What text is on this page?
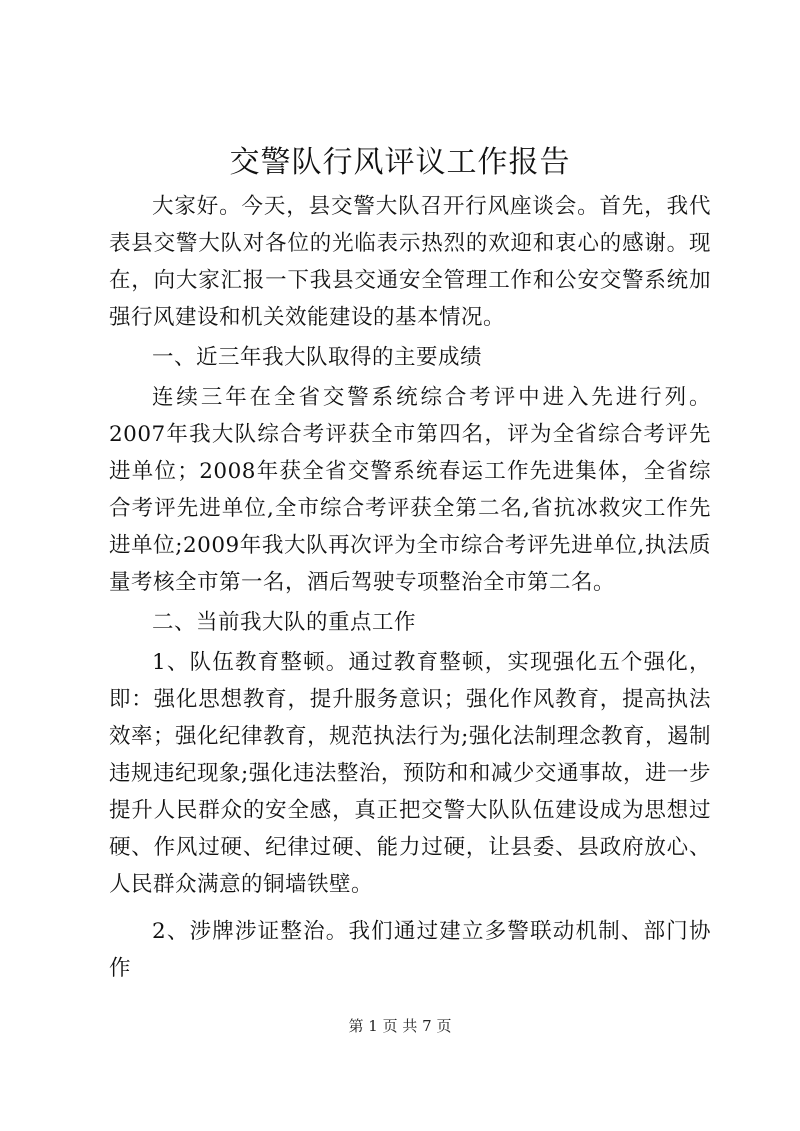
交警队行风评议工作报告

大家好。今天，县交警大队召开行风座谈会。首先，我代表县交警大队对各位的光临表示热烈的欢迎和衷心的感谢。现在，向大家汇报一下我县交通安全管理工作和公安交警系统加强行风建设和机关效能建设的基本情况。

一、近三年我大队取得的主要成绩

连续三年在全省交警系统综合考评中进入先进行列。2007年我大队综合考评获全市第四名，评为全省综合考评先进单位；2008年获全省交警系统春运工作先进集体，全省综合考评先进单位,全市综合考评获全第二名,省抗冰救灾工作先进单位;2009年我大队再次评为全市综合考评先进单位,执法质量考核全市第一名，酒后驾驶专项整治全市第二名。

二、当前我大队的重点工作

1、队伍教育整顿。通过教育整顿，实现强化五个强化，即：强化思想教育，提升服务意识；强化作风教育，提高执法效率；强化纪律教育，规范执法行为;强化法制理念教育，遏制违规违纪现象;强化违法整治，预防和和减少交通事故，进一步提升人民群众的安全感，真正把交警大队队伍建设成为思想过硬、作风过硬、纪律过硬、能力过硬，让县委、县政府放心、人民群众满意的铜墙铁壁。

2、涉牌涉证整治。我们通过建立多警联动机制、部门协作

第 1 页 共 7 页
